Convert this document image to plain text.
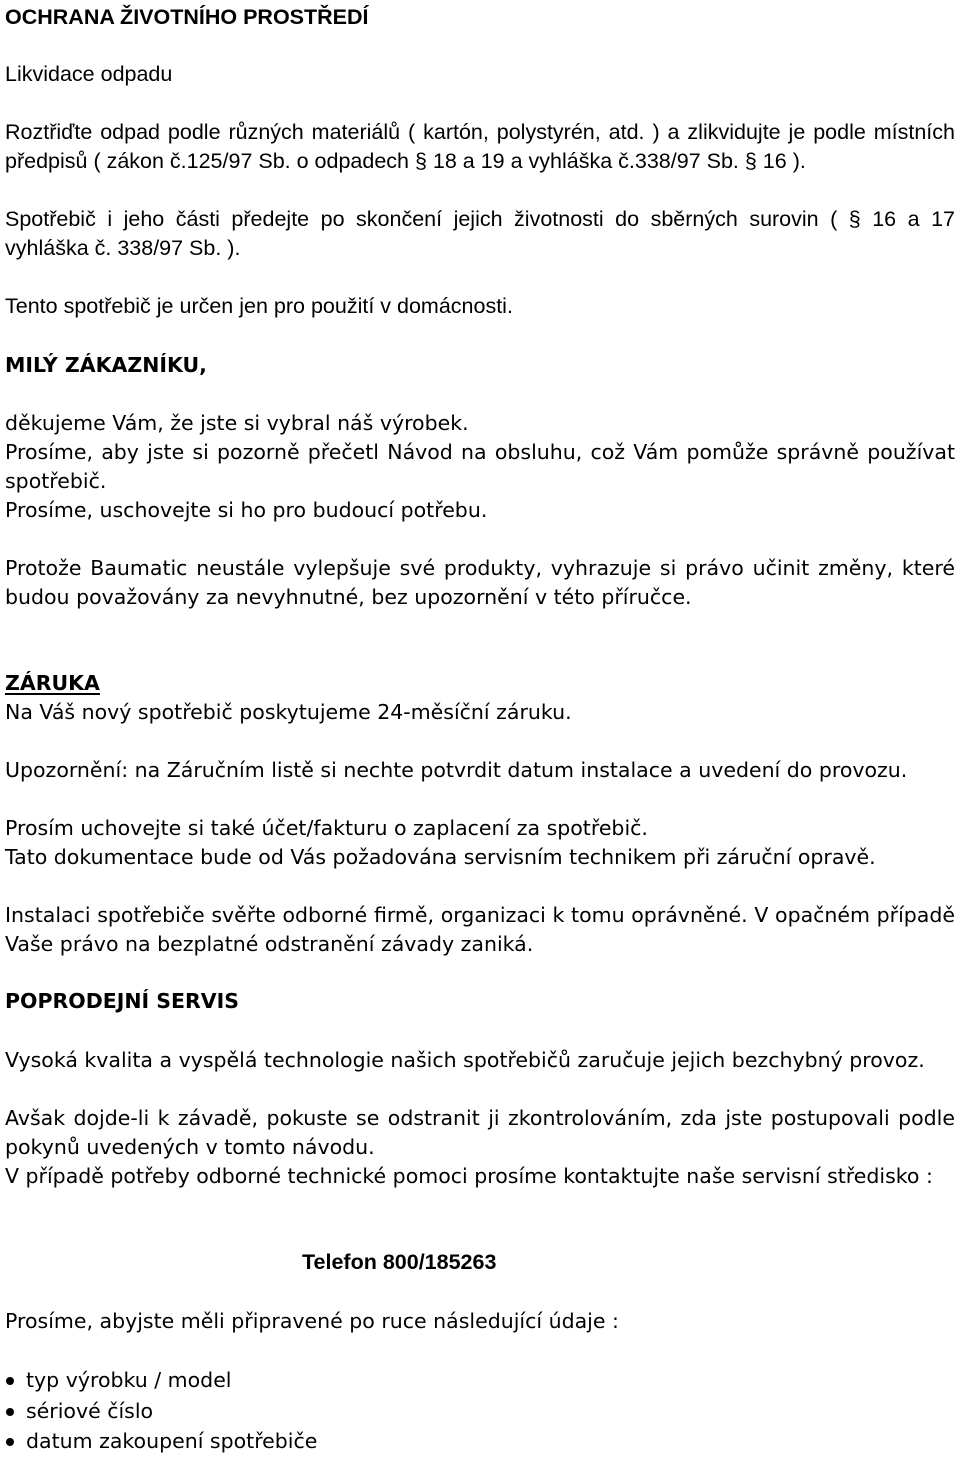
OCHRANA ŽIVOTNÍHO PROSTŘEDÍ
Likvidace odpadu
Roztřiďte odpad podle různých materiálů ( kartón, polystyrén, atd. ) a zlikvidujte je podle místních předpisů ( zákon č.125/97 Sb. o odpadech § 18 a 19 a vyhláška č.338/97 Sb. § 16 ).
Spotřebič i jeho části předejte po skončení jejich životnosti do sběrných surovin ( § 16 a 17 vyhláška č. 338/97 Sb. ).
Tento spotřebič je určen jen pro použití v domácnosti.
MILÝ ZÁKAZNÍKU,
děkujeme Vám, že jste si vybral náš výrobek.
Prosíme, aby jste si pozorně přečetl Návod na obsluhu, což Vám pomůže správně používat spotřebič.
Prosíme, uschovejte si ho pro budoucí potřebu.
Protože Baumatic neustále vylepšuje své produkty, vyhrazuje si právo učinit změny, které budou považovány za nevyhnutné, bez upozornění v této příručce.
ZÁRUKA
Na Váš nový spotřebič poskytujeme 24-měsíční záruku.
Upozornění: na Záručním listě si nechte potvrdit datum instalace a uvedení do provozu.
Prosím uchovejte si také účet/fakturu o zaplacení za spotřebič.
Tato dokumentace bude od Vás požadována servisním technikem při záruční opravě.
Instalaci spotřebiče svěřte odborné firmě, organizaci k tomu oprávněné. V opačném případě Vaše právo na bezplatné odstranění závady zaniká.
POPRODEJNÍ SERVIS
Vysoká kvalita a vyspělá technologie našich spotřebičů zaručuje jejich bezchybný provoz.
Avšak dojde-li k závadě, pokuste se odstranit ji zkontrolováním, zda jste postupovali podle pokynů uvedených v tomto návodu.
V případě potřeby odborné technické pomoci prosíme kontaktujte naše servisní středisko :
Telefon 800/185263
Prosíme, abyjste měli připravené po ruce následující údaje :
typ výrobku / model
sériové číslo
datum zakoupení spotřebiče
